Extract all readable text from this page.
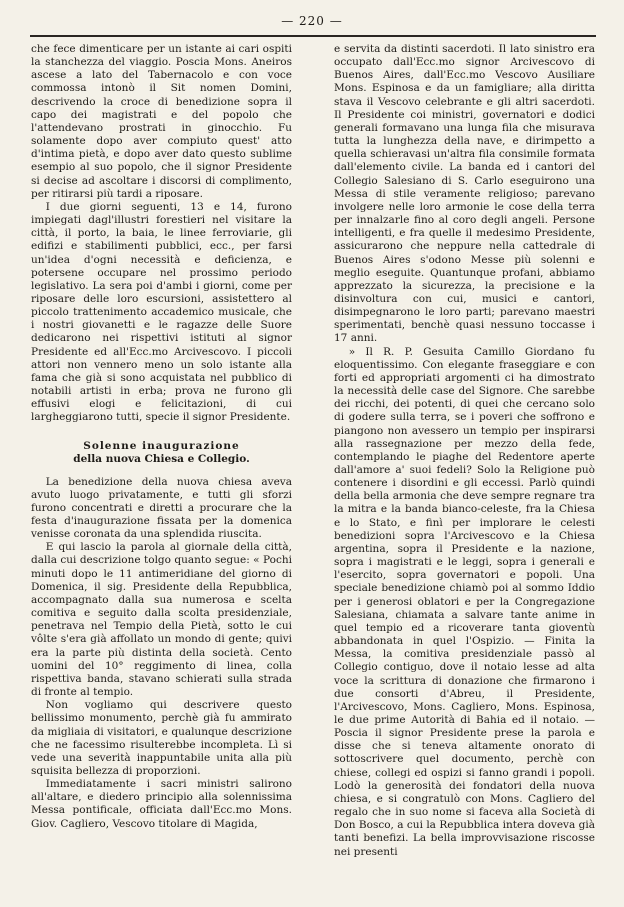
— 220 —

che fece dimenticare per un istante ai cari ospiti la stanchezza del viaggio. Poscia Mons. Aneiros ascese a lato del Tabernacolo e con voce commossa intonò il Sit nomen Domini, descrivendo la croce di benedizione sopra il capo dei magistrati e del popolo che l'attendevano prostrati in ginocchio. Fu solamente dopo aver compiuto quest' atto d'intima pietà, e dopo aver dato questo sublime esempio al suo popolo, che il signor Presidente si decise ad ascoltare i discorsi di complimento, per ritirarsi più tardi a riposare.

I due giorni seguenti, 13 e 14, furono impiegati dagl'illustri forestieri nel visitare la città, il porto, la baia, le linee ferroviarie, gli edifizi e stabilimenti pubblici, ecc., per farsi un'idea d'ogni necessità e deficienza, e potersene occupare nel prossimo periodo legislativo. La sera poi d'ambi i giorni, come per riposare delle loro escursioni, assistettero al piccolo trattenimento accademico musicale, che i nostri giovanetti e le ragazze delle Suore dedicarono nei rispettivi istituti al signor Presidente ed all'Ecc.mo Arcivescovo. I piccoli attori non vennero meno un solo istante alla fama che già si sono acquistata nel pubblico di notabili artisti in erba; prova ne furono gli effusivi elogi e felicitazioni, di cui largheggiarono tutti, specie il signor Presidente.

Solenne inaugurazione
della nuova Chiesa e Collegio.

La benedizione della nuova chiesa aveva avuto luogo privatamente, e tutti gli sforzi furono concentrati e diretti a procurare che la festa d'inaugurazione fissata per la domenica venisse coronata da una splendida riuscita.

E qui lascio la parola al giornale della città, dalla cui descrizione tolgo quanto segue: « Pochi minuti dopo le 11 antimeridiane del giorno di Domenica, il sig. Presidente della Repubblica, accompagnato dalla sua numerosa e scelta comitiva e seguito dalla scolta presidenziale, penetrava nel Tempio della Pietà, sotto le cui vôlte s'era già affollato un mondo di gente; quivi era la parte più distinta della società. Cento uomini del 10° reggimento di linea, colla rispettiva banda, stavano schierati sulla strada di fronte al tempio.

Non vogliamo qui descrivere questo bellissimo monumento, perchè già fu ammirato da migliaia di visitatori, e qualunque descrizione che ne facessimo risulterebbe incompleta. Lì si vede una severità inappuntabile unita alla più squisita bellezza di proporzioni.

Immediatamente i sacri ministri salirono all'altare, e diedero principio alla solennissima Messa pontificale, officiata dall'Ecc.mo Mons. Giov. Cagliero, Vescovo titolare di Magida,

e servita da distinti sacerdoti. Il lato sinistro era occupato dall'Ecc.mo signor Arcivescovo di Buenos Aires, dall'Ecc.mo Vescovo Ausiliare Mons. Espinosa e da un famigliare; alla diritta stava il Vescovo celebrante e gli altri sacerdoti. Il Presidente coi ministri, governatori e dodici generali formavano una lunga fila che misurava tutta la lunghezza della nave, e dirimpetto a quella schieravasi un'altra fila consimile formata dall'elemento civile. La banda ed i cantori del Collegio Salesiano di S. Carlo eseguirono una Messa di stile veramente religioso; parevano involgere nelle loro armonie le cose della terra per innalzarle fino al coro degli angeli. Persone intelligenti, e fra quelle il medesimo Presidente, assicurarono che neppure nella cattedrale di Buenos Aires s'odono Messe più solenni e meglio eseguite. Quantunque profani, abbiamo apprezzato la sicurezza, la precisione e la disinvoltura con cui, musici e cantori, disimpegnarono le loro parti; parevano maestri sperimentati, benchè quasi nessuno toccasse i 17 anni.

» Il R. P. Gesuita Camillo Giordano fu eloquentissimo. Con elegante fraseggiare e con forti ed appropriati argomenti ci ha dimostrato la necessità delle case del Signore. Che sarebbe dei ricchi, dei potenti, di quei che cercano solo di godere sulla terra, se i poveri che soffrono e piangono non avessero un tempio per inspirarsi alla rassegnazione per mezzo della fede, contemplando le piaghe del Redentore aperte dall'amore a' suoi fedeli? Solo la Religione può contenere i disordini e gli eccessi. Parlò quindi della bella armonia che deve sempre regnare tra la mitra e la banda bianco-celeste, fra la Chiesa e lo Stato, e finì per implorare le celesti benedizioni sopra l'Arcivescovo e la Chiesa argentina, sopra il Presidente e la nazione, sopra i magistrati e le leggi, sopra i generali e l'esercito, sopra governatori e popoli. Una speciale benedizione chiamò poi al sommo Iddio per i generosi oblatori e per la Congregazione Salesiana, chiamata a salvare tante anime in quel tempio ed a ricoverare tanta gioventù abbandonata in quel l'Ospizio. — Finita la Messa, la comitiva presidenziale passò al Collegio contiguo, dove il notaio lesse ad alta voce la scrittura di donazione che firmarono i due consorti d'Abreu, il Presidente, l'Arcivescovo, Mons. Cagliero, Mons. Espinosa, le due prime Autorità di Bahia ed il notaio. — Poscia il signor Presidente prese la parola e disse che si teneva altamente onorato di sottoscrivere quel documento, perchè con chiese, collegi ed ospizi si fanno grandi i popoli. Lodò la generosità dei fondatori della nuova chiesa, e si congratulò con Mons. Cagliero del regalo che in suo nome si faceva alla Società di Don Bosco, a cui la Repubblica intera doveva già tanti benefizi. La bella improvvisazione riscosse nei presenti
